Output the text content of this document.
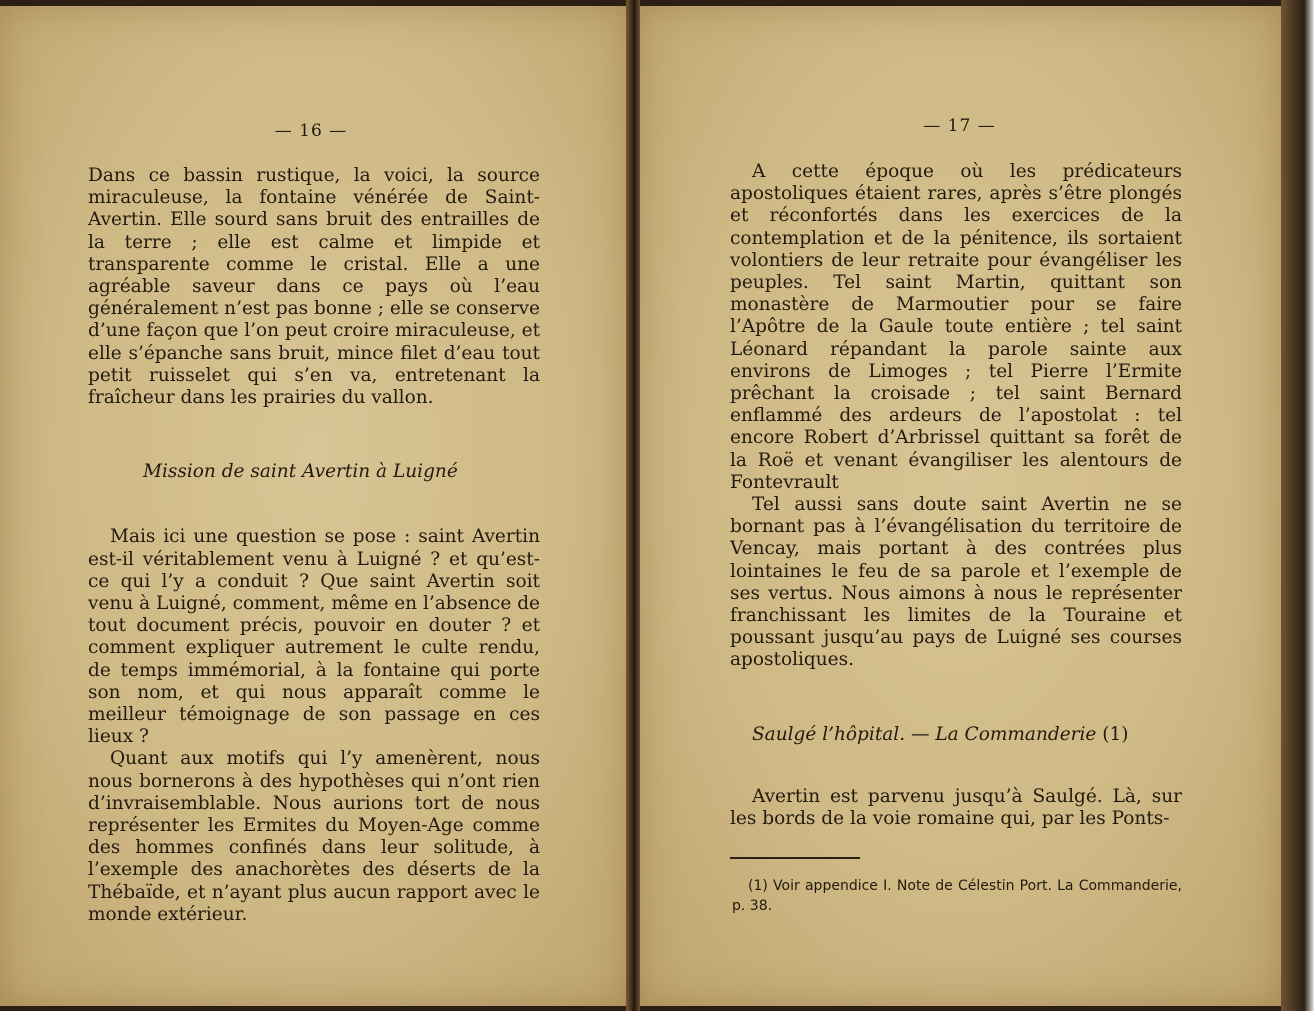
— 16 —

Dans ce bassin rustique, la voici, la source miraculeuse, la fontaine vénérée de Saint-Avertin. Elle sourd sans bruit des entrailles de la terre ; elle est calme et limpide et transparente comme le cristal. Elle a une agréable saveur dans ce pays où l’eau généralement n’est pas bonne ; elle se conserve d’une façon que l’on peut croire miraculeuse, et elle s’épanche sans bruit, mince filet d’eau tout petit ruisselet qui s’en va, entretenant la fraîcheur dans les prairies du vallon.

Mission de saint Avertin à Luigné

Mais ici une question se pose : saint Avertin est-il véritablement venu à Luigné ? et qu’est-ce qui l’y a conduit ? Que saint Avertin soit venu à Luigné, comment, même en l’absence de tout document précis, pouvoir en douter ? et comment expliquer autrement le culte rendu, de temps immémorial, à la fontaine qui porte son nom, et qui nous apparaît comme le meilleur témoignage de son passage en ces lieux ?

Quant aux motifs qui l’y amenèrent, nous nous bornerons à des hypothèses qui n’ont rien d’invraisemblable. Nous aurions tort de nous représenter les Ermites du Moyen-Age comme des hommes confinés dans leur solitude, à l’exemple des anachorètes des déserts de la Thébaïde, et n’ayant plus aucun rapport avec le monde extérieur.

— 17 —

A cette époque où les prédicateurs apostoliques étaient rares, après s’être plongés et réconfortés dans les exercices de la contemplation et de la pénitence, ils sortaient volontiers de leur retraite pour évangéliser les peuples. Tel saint Martin, quittant son monastère de Marmoutier pour se faire l’Apôtre de la Gaule toute entière ; tel saint Léonard répandant la parole sainte aux environs de Limoges ; tel Pierre l’Ermite prêchant la croisade ; tel saint Bernard enflammé des ardeurs de l’apostolat : tel encore Robert d’Arbrissel quittant sa forêt de la Roë et venant évangiliser les alentours de Fontevrault

Tel aussi sans doute saint Avertin ne se bornant pas à l’évangélisation du territoire de Vencay, mais portant à des contrées plus lointaines le feu de sa parole et l’exemple de ses vertus. Nous aimons à nous le représenter franchissant les limites de la Touraine et poussant jusqu’au pays de Luigné ses courses apostoliques.

Saulgé l’hôpital. — La Commanderie (1)

Avertin est parvenu jusqu’à Saulgé. Là, sur les bords de la voie romaine qui, par les Ponts-

(1) Voir appendice I. Note de Célestin Port. La Commanderie, p. 38.
